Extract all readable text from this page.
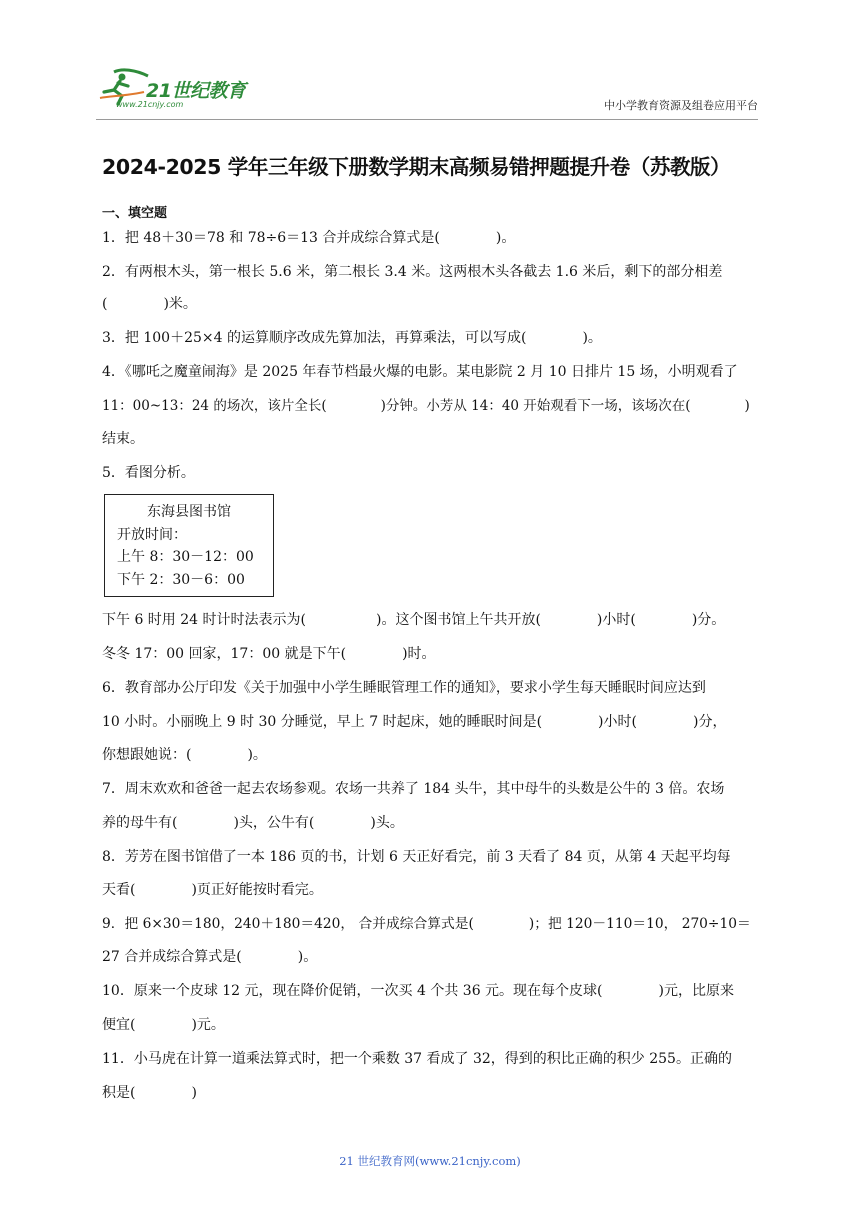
21世纪教育
www.21cnjy.com	中小学教育资源及组卷应用平台
2024-2025 学年三年级下册数学期末高频易错押题提升卷（苏教版）
一、填空题
1．把 48＋30＝78 和 78÷6＝13 合并成综合算式是(　　　　)。
2．有两根木头，第一根长 5.6 米，第二根长 3.4 米。这两根木头各截去 1.6 米后，剩下的部分相差
(　　　　)米。
3．把 100＋25×4 的运算顺序改成先算加法，再算乘法，可以写成(　　　　)。
4．《哪吒之魔童闹海》是 2025 年春节档最火爆的电影。某电影院 2 月 10 日排片 15 场，小明观看了
11：00~13：24 的场次，该片全长(　　　　)分钟。小芳从 14：40 开始观看下一场，该场次在(　　　　)
结束。
5．看图分析。
东海县图书馆
开放时间：
上午 8：30－12：00
下午 2：30－6：00
下午 6 时用 24 时计时法表示为(　　　　　)。这个图书馆上午共开放(　　　　)小时(　　　　)分。
冬冬 17：00 回家，17：00 就是下午(　　　　)时。
6．教育部办公厅印发《关于加强中小学生睡眠管理工作的通知》，要求小学生每天睡眠时间应达到
10 小时。小丽晚上 9 时 30 分睡觉，早上 7 时起床，她的睡眠时间是(　　　　)小时(　　　　)分，
你想跟她说：(　　　　)。
7．周末欢欢和爸爸一起去农场参观。农场一共养了 184 头牛，其中母牛的头数是公牛的 3 倍。农场
养的母牛有(　　　　)头，公牛有(　　　　)头。
8．芳芳在图书馆借了一本 186 页的书，计划 6 天正好看完，前 3 天看了 84 页，从第 4 天起平均每
天看(　　　　)页正好能按时看完。
9．把 6×30＝180，240＋180＝420， 合并成综合算式是(　　　　)；把 120－110＝10， 270÷10＝
27 合并成综合算式是(　　　　)。
10．原来一个皮球 12 元，现在降价促销，一次买 4 个共 36 元。现在每个皮球(　　　　)元，比原来
便宜(　　　　)元。
11．小马虎在计算一道乘法算式时，把一个乘数 37 看成了 32，得到的积比正确的积少 255。正确的
积是(　　　　)
21 世纪教育网(www.21cnjy.com)
